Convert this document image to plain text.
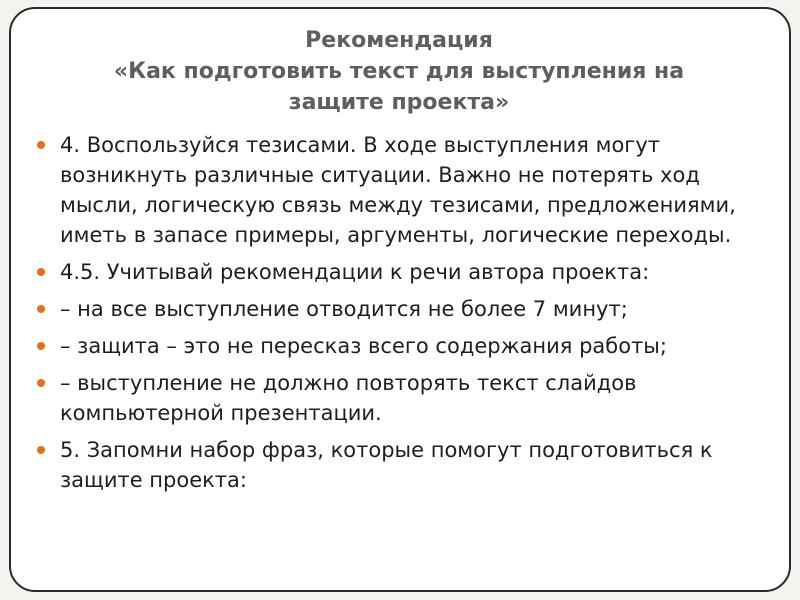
Рекомендация
«Как подготовить текст для выступления на
защите проекта»
4. Воспользуйся тезисами. В ходе выступления могут возникнуть различные ситуации. Важно не потерять ход мысли, логическую связь между тезисами, предложениями, иметь в запасе примеры, аргументы, логические переходы.
4.5. Учитывай рекомендации к речи автора проекта:
– на все выступление отводится не более 7 минут;
– защита – это не пересказ всего содержания работы;
– выступление не должно повторять текст слайдов компьютерной презентации.
5. Запомни набор фраз, которые помогут подготовиться к защите проекта:
